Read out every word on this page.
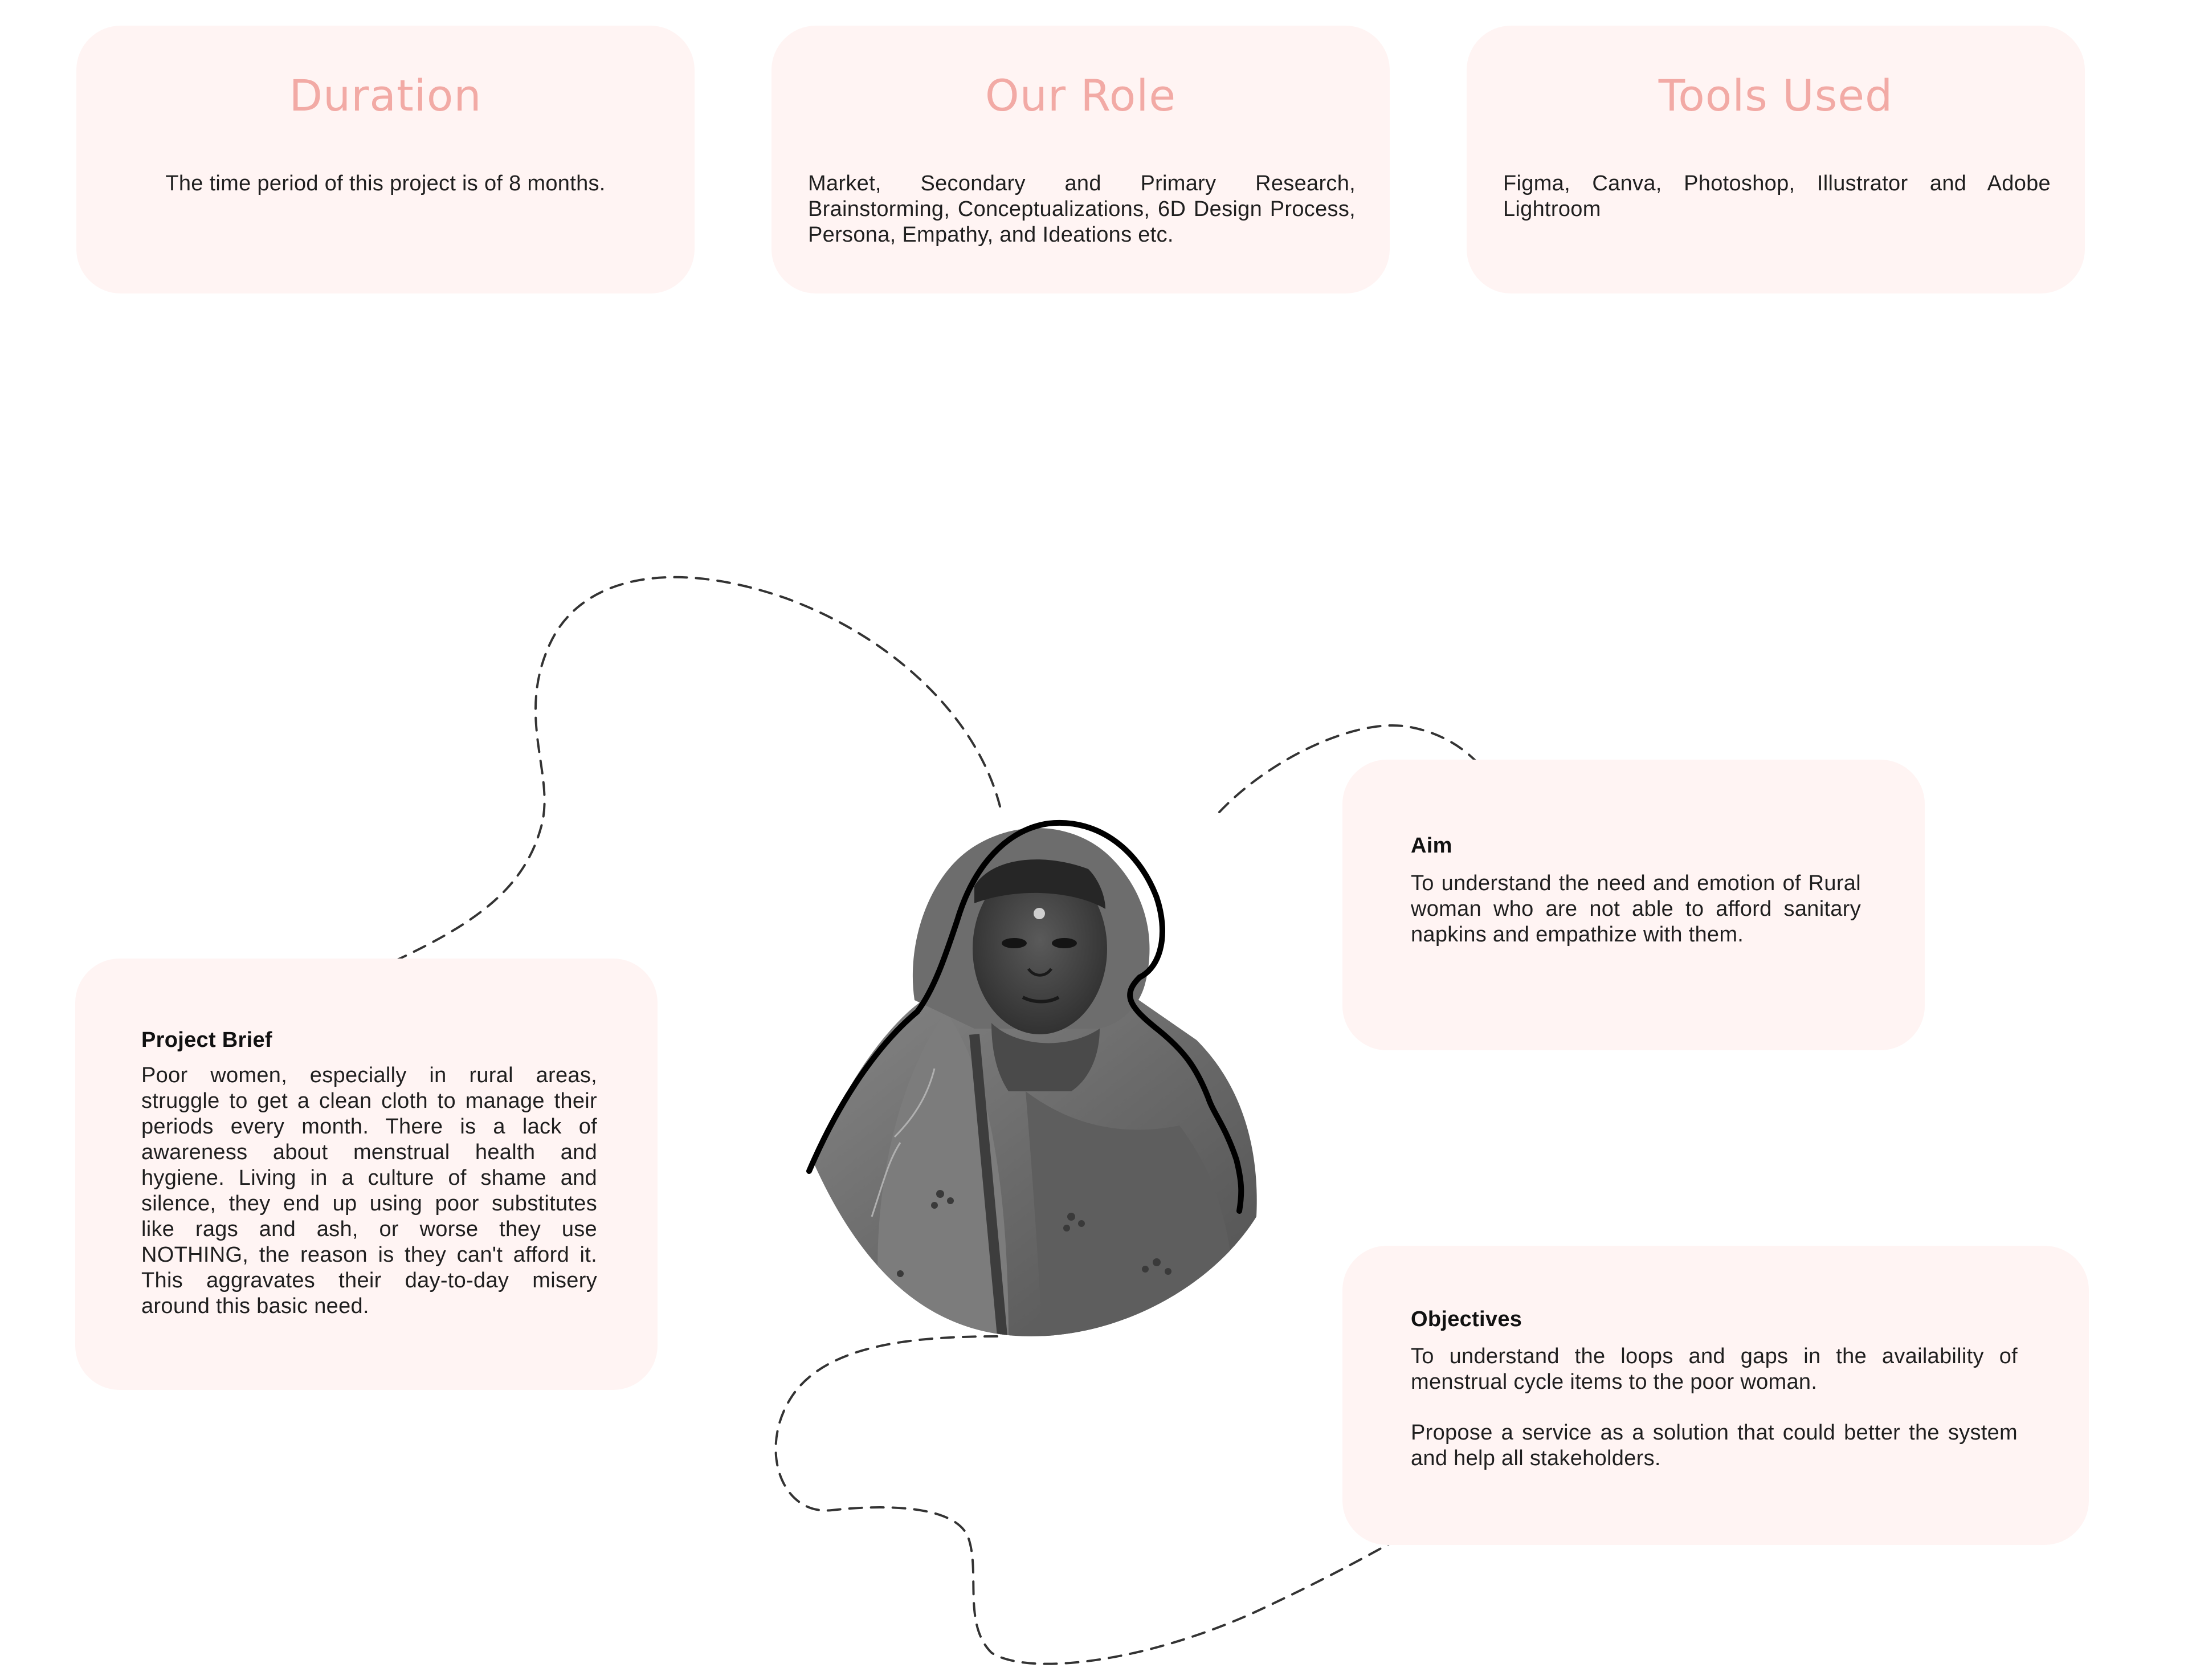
Duration

The time period of this project is of 8 months.

Our Role

Market, Secondary and Primary Research, Brainstorming, Conceptualizations, 6D Design Process, Persona, Empathy, and Ideations etc.

Tools Used

Figma, Canva, Photoshop, Illustrator and Adobe Lightroom

Project Brief

Poor women, especially in rural areas, struggle to get a clean cloth to manage their periods every month. There is a lack of awareness about menstrual health and hygiene. Living in a culture of shame and silence, they end up using poor substitutes like rags and ash, or worse they use NOTHING, the reason is they can't afford it. This aggravates their day-to-day misery around this basic need.

Aim

To understand the need and emotion of Rural woman who are not able to afford sanitary napkins and empathize with them.

Objectives

To understand the loops and gaps in the availability of menstrual cycle items to the poor woman.

Propose a service as a solution that could better the system and help all stakeholders.
